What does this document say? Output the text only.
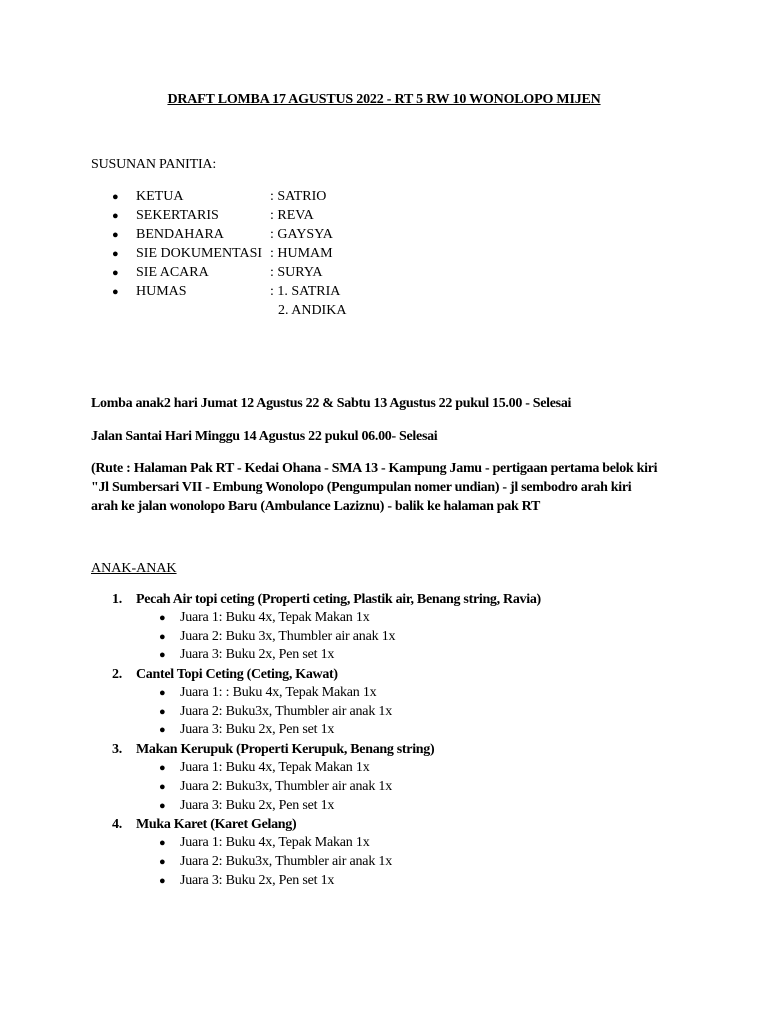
DRAFT LOMBA 17 AGUSTUS 2022 - RT 5 RW 10 WONOLOPO MIJEN
SUSUNAN PANITIA:
● KETUA	: SATRIO
● SEKERTARIS	: REVA
● BENDAHARA	: GAYSYA
● SIE DOKUMENTASI : HUMAM
● SIE ACARA	: SURYA
● HUMAS	: 1. SATRIA
2. ANDIKA
Lomba anak2 hari Jumat 12 Agustus 22 & Sabtu 13 Agustus 22 pukul 15.00 - Selesai
Jalan Santai Hari Minggu 14 Agustus 22 pukul 06.00- Selesai
(Rute : Halaman Pak RT - Kedai Ohana - SMA 13 - Kampung Jamu - pertigaan pertama belok kiri
"Jl Sumbersari VII - Embung Wonolopo (Pengumpulan nomer undian) - jl sembodro arah kiri
arah ke jalan wonolopo Baru (Ambulance Laziznu) - balik ke halaman pak RT
ANAK-ANAK
1. Pecah Air topi ceting (Properti ceting, Plastik air, Benang string, Ravia)
● Juara 1: Buku 4x, Tepak Makan 1x
● Juara 2: Buku 3x, Thumbler air anak 1x
● Juara 3: Buku 2x, Pen set 1x
2. Cantel Topi Ceting (Ceting, Kawat)
● Juara 1: : Buku 4x, Tepak Makan 1x
● Juara 2: Buku3x, Thumbler air anak 1x
● Juara 3: Buku 2x, Pen set 1x
3. Makan Kerupuk (Properti Kerupuk, Benang string)
● Juara 1: Buku 4x, Tepak Makan 1x
● Juara 2: Buku3x, Thumbler air anak 1x
● Juara 3: Buku 2x, Pen set 1x
4. Muka Karet (Karet Gelang)
● Juara 1: Buku 4x, Tepak Makan 1x
● Juara 2: Buku3x, Thumbler air anak 1x
● Juara 3: Buku 2x, Pen set 1x
